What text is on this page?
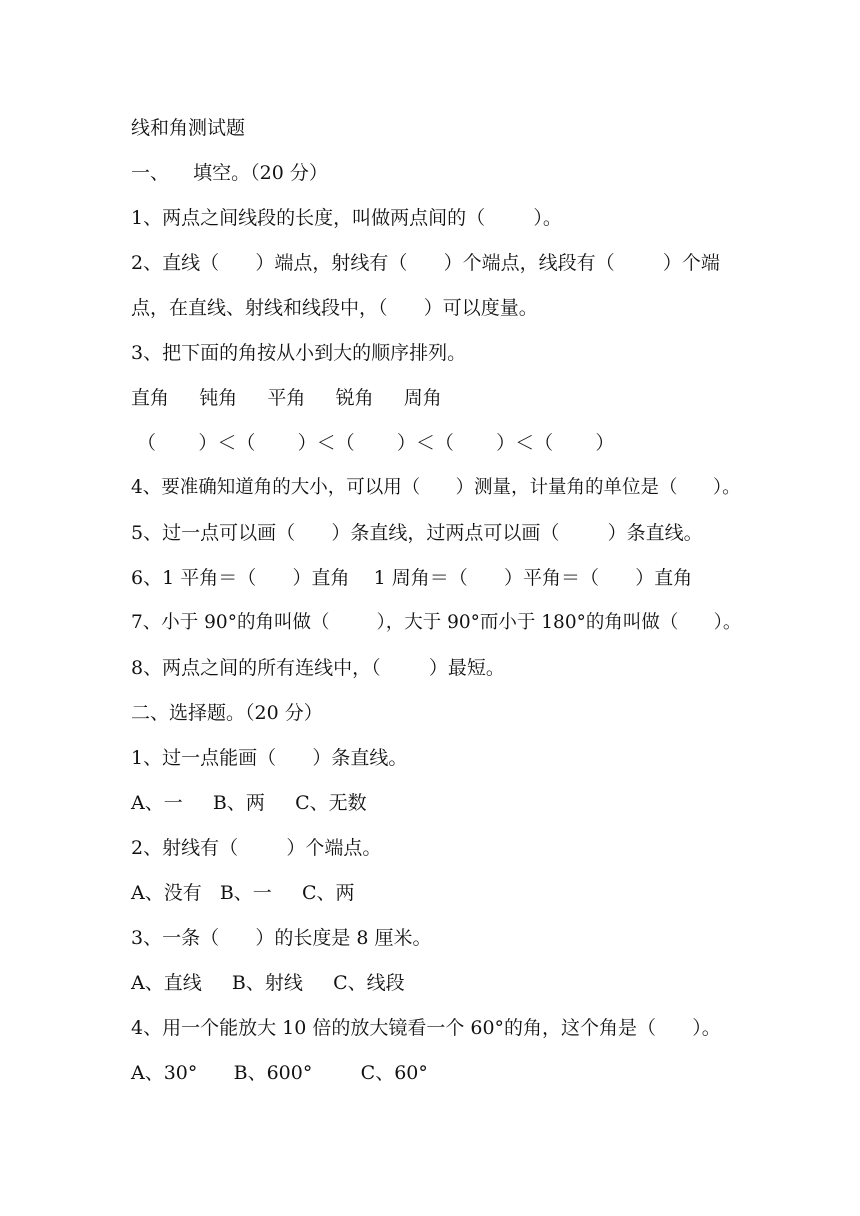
线和角测试题
一、    填空。（20 分）
1、两点之间线段的长度，叫做两点间的（        ）。
2、直线（      ）端点，射线有（      ）个端点，线段有（        ）个端
点，在直线、射线和线段中，（      ）可以度量。
3、把下面的角按从小到大的顺序排列。
直角     钝角     平角     锐角     周角
（       ）＜（       ）＜（       ）＜（       ）＜（       ）
4、要准确知道角的大小，可以用（      ）测量，计量角的单位是（      ）。
5、过一点可以画（      ）条直线，过两点可以画（        ）条直线。
6、1 平角＝（      ）直角    1 周角＝（      ）平角＝（      ）直角
7、小于 90°的角叫做（        ），大于 90°而小于 180°的角叫做（      ）。
8、两点之间的所有连线中，（        ）最短。
二、选择题。（20 分）
1、过一点能画（      ）条直线。
A、一     B、两     C、无数
2、射线有（        ）个端点。
A、没有   B、一     C、两
3、一条（      ）的长度是 8 厘米。
A、直线     B、射线     C、线段
4、用一个能放大 10 倍的放大镜看一个 60°的角，这个角是（      ）。
A、30°      B、600°        C、60°
